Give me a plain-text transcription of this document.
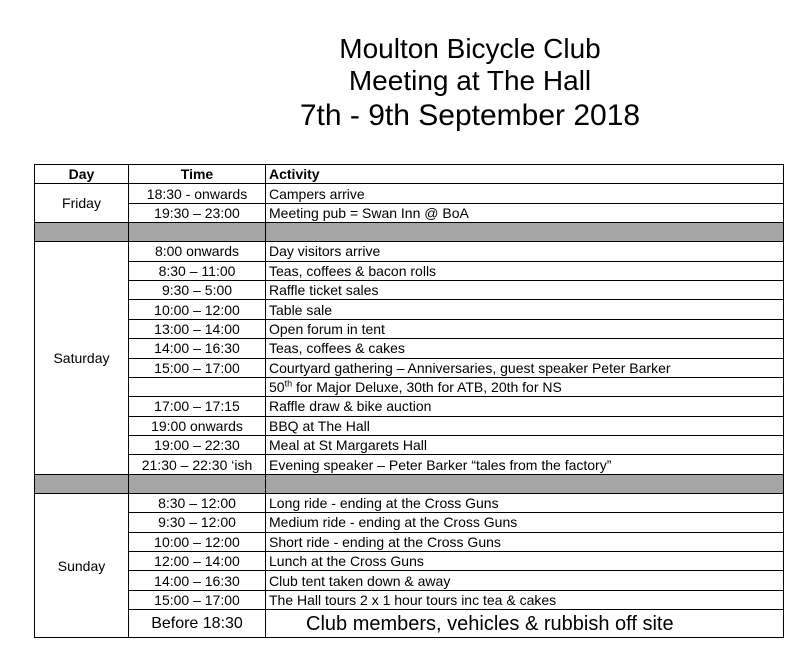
Moulton Bicycle Club
Meeting at The Hall
7th - 9th September 2018
Day	Time	Activity
Friday	18:30 - onwards	Campers arrive
	19:30 – 23:00	Meeting pub = Swan Inn @ BoA

Saturday	8:00 onwards	Day visitors arrive
	8:30 – 11:00	Teas, coffees & bacon rolls
	9:30 – 5:00	Raffle ticket sales
	10:00 – 12:00	Table sale
	13:00 – 14:00	Open forum in tent
	14:00 – 16:30	Teas, coffees & cakes
	15:00 – 17:00	Courtyard gathering – Anniversaries, guest speaker Peter Barker
		50th for Major Deluxe, 30th for ATB, 20th for NS
	17:00 – 17:15	Raffle draw & bike auction
	19:00 onwards	BBQ at The Hall
	19:00 – 22:30	Meal at St Margarets Hall
	21:30 – 22:30 ‘ish	Evening speaker – Peter Barker “tales from the factory”

Sunday	8:30 – 12:00	Long ride - ending at the Cross Guns
	9:30 – 12:00	Medium ride - ending at the Cross Guns
	10:00 – 12:00	Short ride - ending at the Cross Guns
	12:00 – 14:00	Lunch at the Cross Guns
	14:00 – 16:30	Club tent taken down & away
	15:00 – 17:00	The Hall tours 2 x 1 hour tours inc tea & cakes
	Before 18:30	Club members, vehicles & rubbish off site
